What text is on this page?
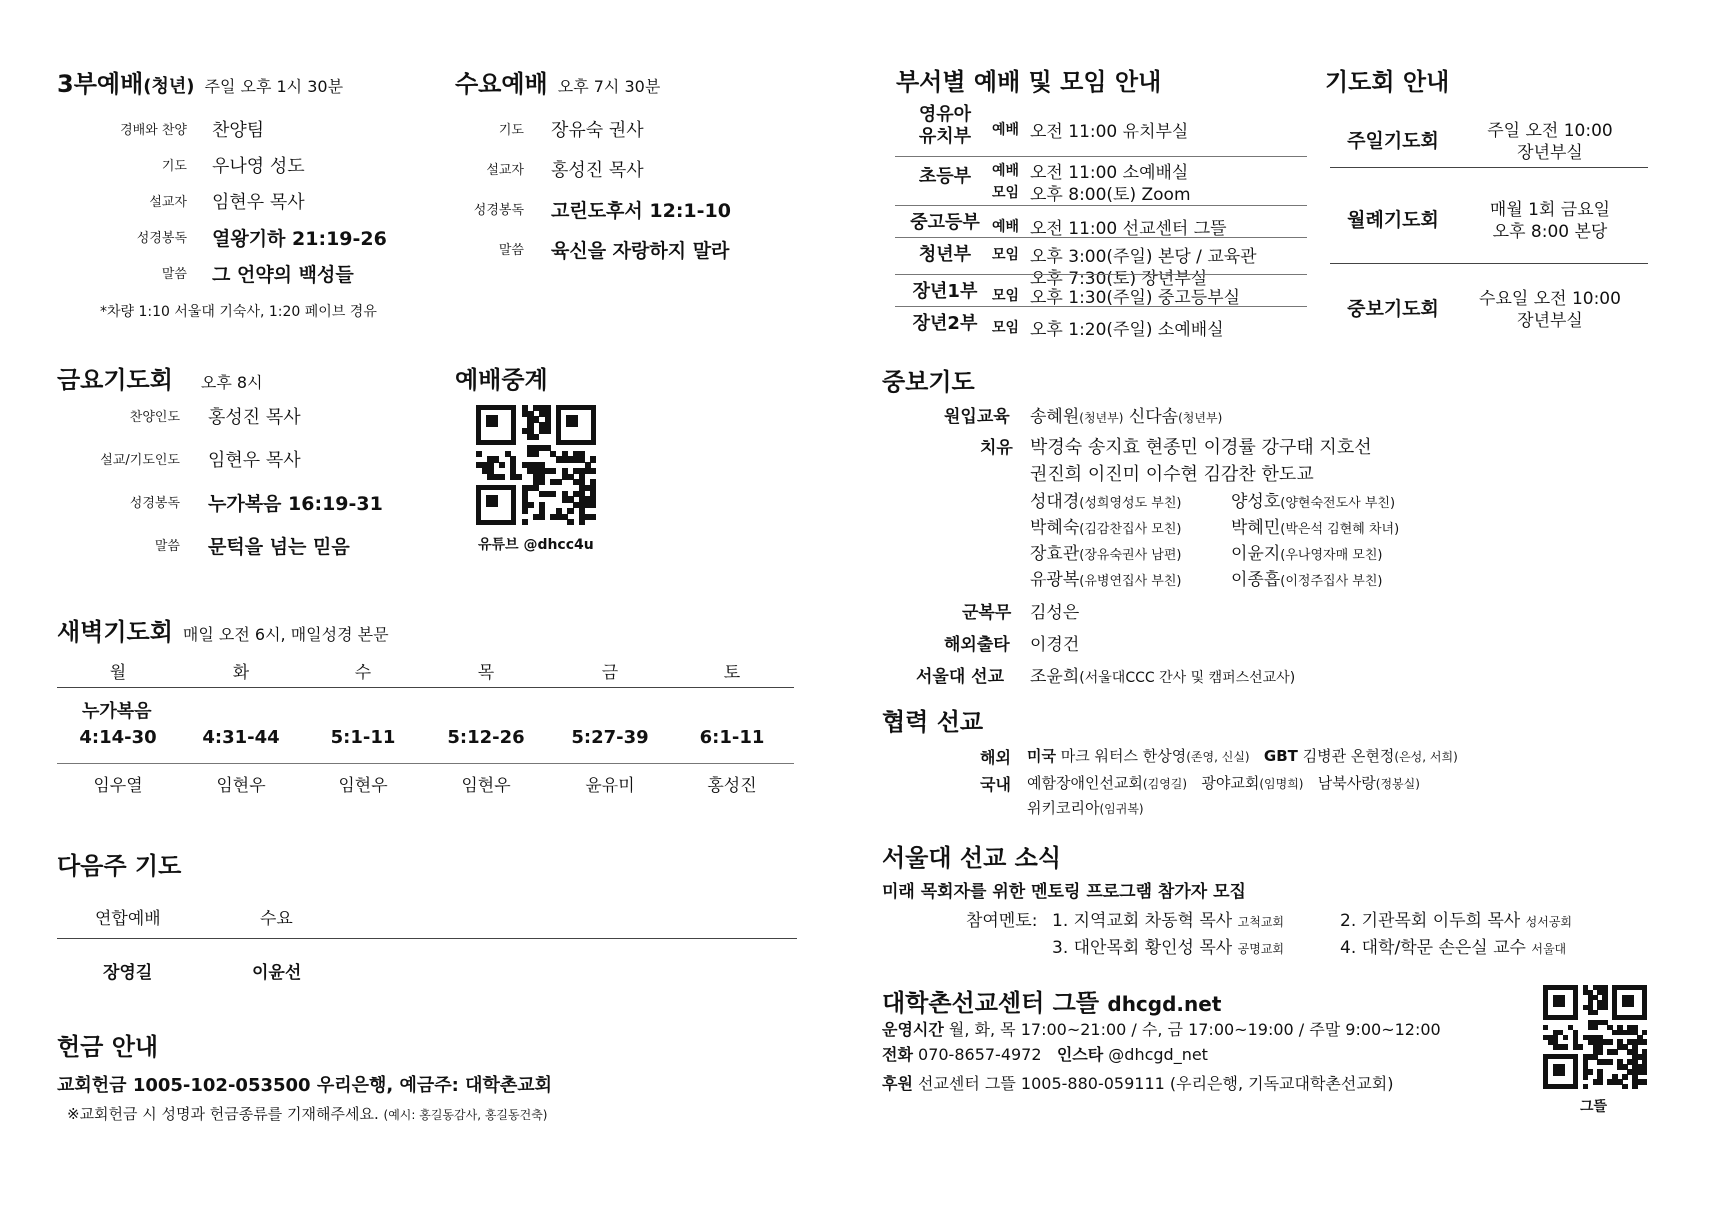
3부예배(청년) 주일 오후 1시 30분
경배와 찬양 찬양팀
기도 우나영 성도
설교자 임현우 목사
성경봉독 열왕기하 21:19-26
말씀 그 언약의 백성들
*차량 1:10 서울대 기숙사, 1:20 페이브 경유
수요예배 오후 7시 30분
기도 장유숙 권사
설교자 홍성진 목사
성경봉독 고린도후서 12:1-10
말씀 육신을 자랑하지 말라
금요기도회 오후 8시
찬양인도 홍성진 목사
설교/기도인도 임현우 목사
성경봉독 누가복음 16:19-31
말씀 문턱을 넘는 믿음
예배중계
유튜브 @dhcc4u
새벽기도회 매일 오전 6시, 매일성경 본문
월	화	수	목	금	토
4:14-30	4:31-44	5:1-11	5:12-26	5:27-39	6:1-11
임우열	임현우	임현우	임현우	윤유미	홍성진
누가복음
다음주 기도
연합예배	수요
장영길	이윤선
헌금 안내
교회헌금 1005-102-053500 우리은행, 예금주: 대학촌교회
※교회헌금 시 성명과 헌금종류를 기재해주세요. (예시: 홍길동감사, 홍길동건축)
부서별 예배 및 모임 안내
영유아
유치부	예배 오전 11:00 유치부실
초등부	예배 오전 11:00 소예배실
모임 오후 8:00(토) Zoom
중고등부 예배 오전 11:00 선교센터 그뜰
청년부	모임 오후 3:00(주일) 본당 / 교육관
오후 7:30(토) 장년부실
장년1부	모임 오후 1:30(주일) 중고등부실
장년2부	모임 오후 1:20(주일) 소예배실
기도회 안내
주일기도회	주일 오전 10:00
장년부실
월례기도회	매월 1회 금요일
오후 8:00 본당
중보기도회	수요일 오전 10:00
장년부실
중보기도
원입교육 송혜원(청년부) 신다솜(청년부)
치유 박경숙 송지효 현종민 이경률 강구태 지호선
권진희 이진미 이수현 김감찬 한도교
성대경(성희영성도 부친)	양성호(양현숙전도사 부친)
박혜숙(김감찬집사 모친)	박혜민(박은석 김현혜 차녀)
장효관(장유숙권사 남편)	이윤지(우나영자매 모친)
유광복(유병연집사 부친)	이종흡(이정주집사 부친)
군복무 김성은
해외출타 이경건
서울대 선교 조윤희(서울대CCC 간사 및 캠퍼스선교사)
협력 선교
해외 미국 마크 워터스 한상영(존영, 신실) GBT 김병관 온현정(은성, 서희)
국내 예함장애인선교회(김영길) 광야교회(임명희) 남북사랑(정봉실)
위키코리아(임귀복)
서울대 선교 소식
미래 목회자를 위한 멘토링 프로그램 참가자 모집
참여멘토: 1. 지역교회 차동혁 목사 고척교회	2. 기관목회 이두희 목사 성서공회
3. 대안목회 황인성 목사 공명교회	4. 대학/학문 손은실 교수 서울대
대학촌선교센터 그뜰 dhcgd.net
운영시간 월, 화, 목 17:00~21:00 / 수, 금 17:00~19:00 / 주말 9:00~12:00
전화 070-8657-4972 인스타 @dhcgd_net
후원 선교센터 그뜰 1005-880-059111 (우리은행, 기독교대학촌선교회)
그뜰
